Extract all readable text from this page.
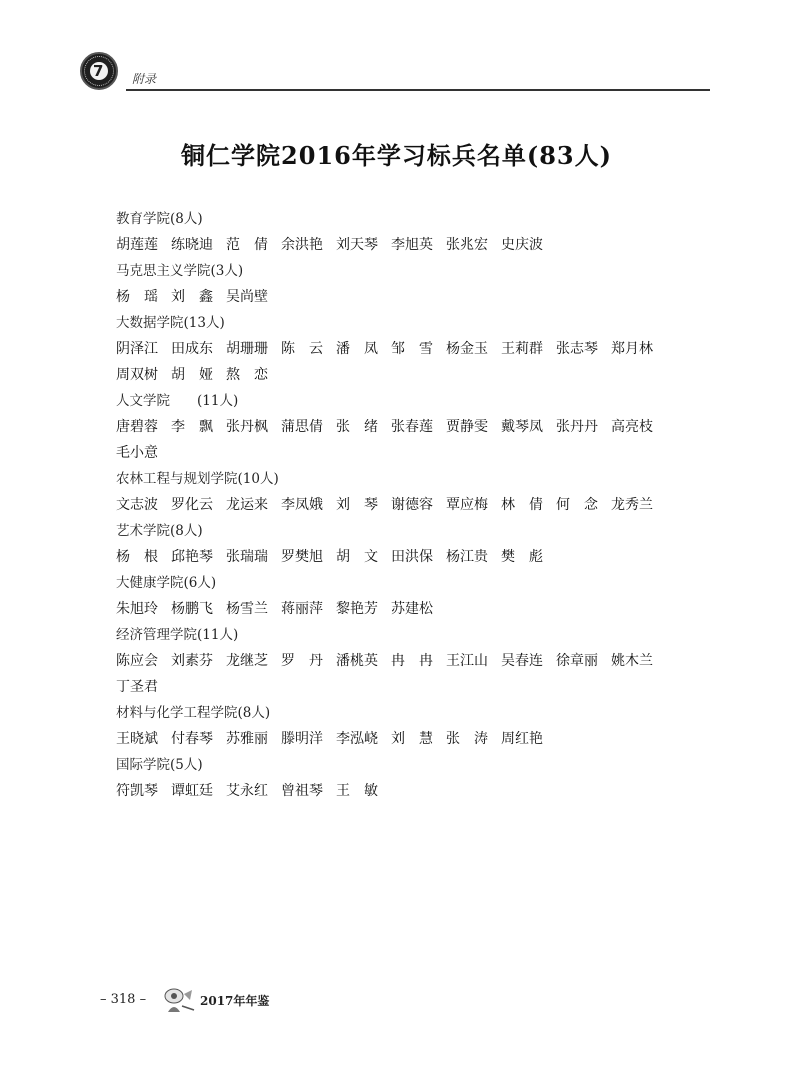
7 附录
铜仁学院2016年学习标兵名单(83人)
教育学院(8人)
胡莲莲 练晓迪 范　倩 余洪艳 刘天琴 李旭英 张兆宏 史庆波
马克思主义学院(3人)
杨　瑶 刘　鑫 吴尚壁
大数据学院(13人)
阴泽江 田成东 胡珊珊 陈　云 潘　凤 邹　雪 杨金玉 王莉群 张志琴 郑月林
周双树 胡　娅 熬　恋
人文学院　　(11人)
唐碧蓉 李　飘 张丹枫 蒲思倩 张　绪 张春莲 贾静雯 戴琴凤 张丹丹 高亮枝
毛小意
农林工程与规划学院(10人)
文志波 罗化云 龙运来 李凤娥 刘　琴 谢德容 覃应梅 林　倩 何　念 龙秀兰
艺术学院(8人)
杨　根 邱艳琴 张瑞瑞 罗樊旭 胡　文 田洪保 杨江贵 樊　彪
大健康学院(6人)
朱旭玲 杨鹏飞 杨雪兰 蒋丽萍 黎艳芳 苏建松
经济管理学院(11人)
陈应会 刘素芬 龙继芝 罗　丹 潘桃英 冉　冉 王江山 吴春连 徐章丽 姚木兰
丁圣君
材料与化学工程学院(8人)
王晓斌 付春琴 苏雅丽 滕明洋 李泓峣 刘　慧 张　涛 周红艳
国际学院(5人)
符凯琴 谭虹廷 艾永红 曾祖琴 王　敏
– 318 –	2017年年鉴
